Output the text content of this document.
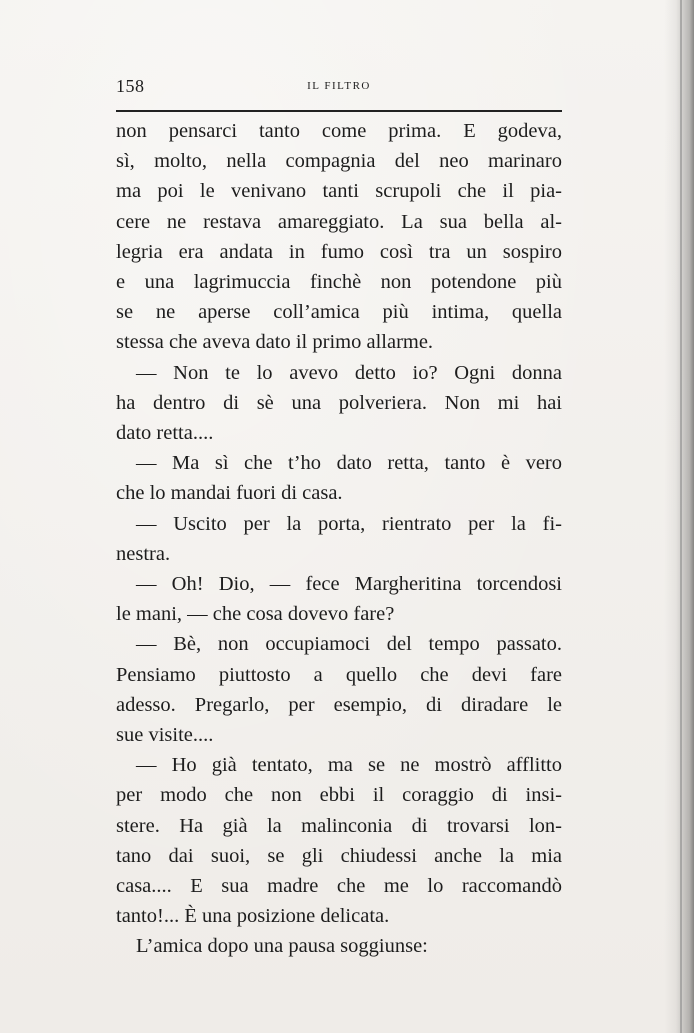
158	IL FILTRO
non pensarci tanto come prima. E godeva,
sì, molto, nella compagnia del neo marinaro
ma poi le venivano tanti scrupoli che il pia-
cere ne restava amareggiato. La sua bella al-
legria era andata in fumo così tra un sospiro
e una lagrimuccia finchè non potendone più
se ne aperse coll’amica più intima, quella
stessa che aveva dato il primo allarme.
— Non te lo avevo detto io? Ogni donna
ha dentro di sè una polveriera. Non mi hai
dato retta....
— Ma sì che t’ho dato retta, tanto è vero
che lo mandai fuori di casa.
— Uscito per la porta, rientrato per la fi-
nestra.
— Oh! Dio, — fece Margheritina torcendosi
le mani, — che cosa dovevo fare?
— Bè, non occupiamoci del tempo passato.
Pensiamo piuttosto a quello che devi fare
adesso. Pregarlo, per esempio, di diradare le
sue visite....
— Ho già tentato, ma se ne mostrò afflitto
per modo che non ebbi il coraggio di insi-
stere. Ha già la malinconia di trovarsi lon-
tano dai suoi, se gli chiudessi anche la mia
casa.... E sua madre che me lo raccomandò
tanto!... È una posizione delicata.
L’amica dopo una pausa soggiunse:
